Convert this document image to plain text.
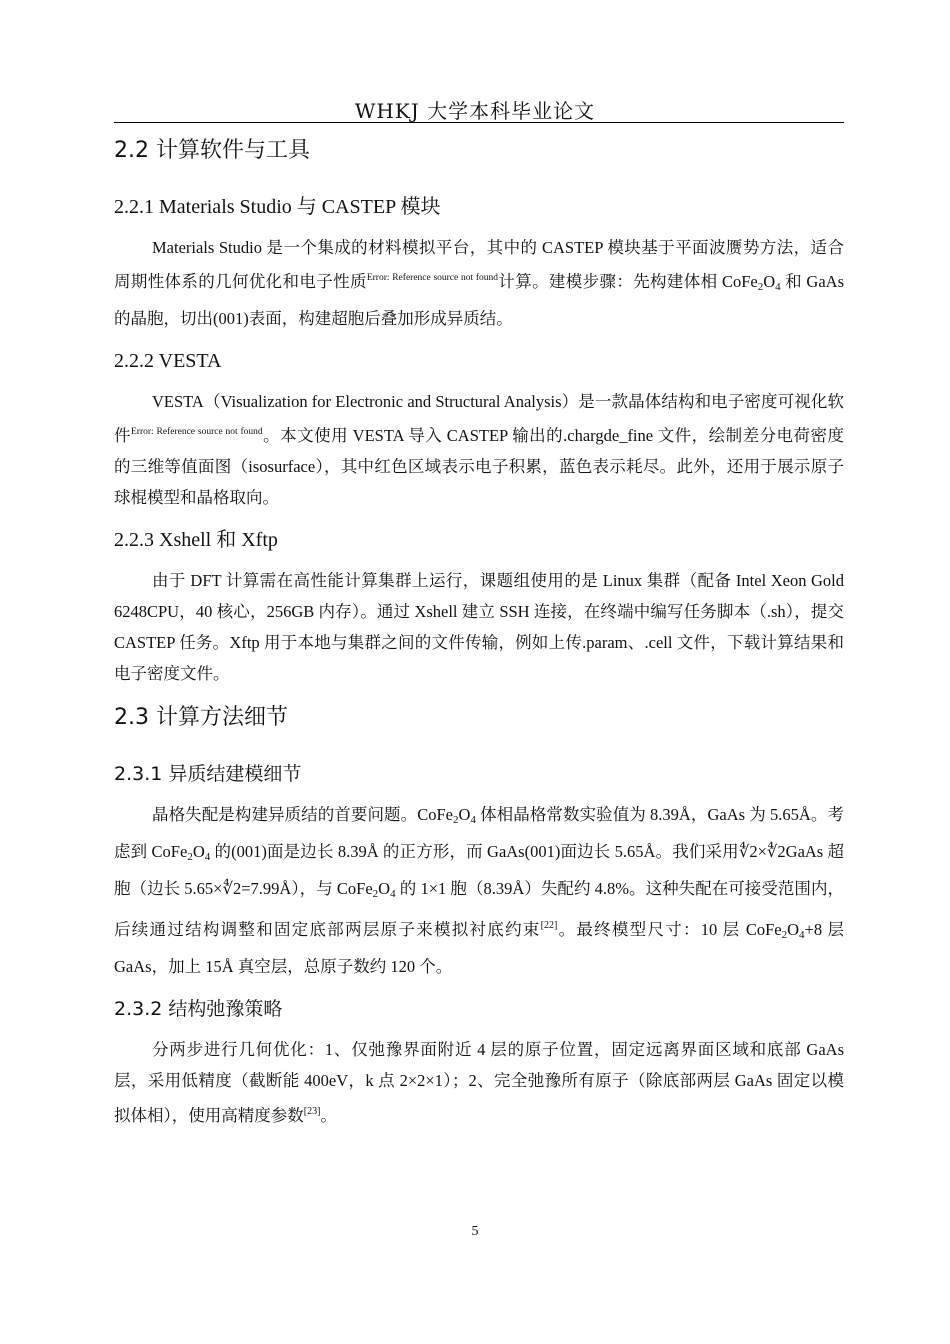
WHKJ 大学本科毕业论文
2.2 计算软件与工具
2.2.1 Materials Studio 与 CASTEP 模块

Materials Studio 是一个集成的材料模拟平台，其中的 CASTEP 模块基于平面波赝势方法，适合周期性体系的几何优化和电子性质$^{Error: Reference source not found}$计算。建模步骤：先构建体相 $CoFe_2O_4$ 和 GaAs 的晶胞，切出(001)表面，构建超胞后叠加形成异质结。

2.2.2 VESTA

VESTA（Visualization for Electronic and Structural Analysis）是一款晶体结构和电子密度可视化软件$^{Error: Reference source not found}$。本文使用 VESTA 导入 CASTEP 输出的.chargde_fine 文件，绘制差分电荷密度的三维等值面图（isosurface），其中红色区域表示电子积累，蓝色表示耗尽。此外，还用于展示原子球棍模型和晶格取向。

2.2.3 Xshell 和 Xftp

由于 DFT 计算需在高性能计算集群上运行，课题组使用的是 Linux 集群（配备 Intel Xeon Gold 6248CPU，40 核心，256GB 内存）。通过 Xshell 建立 SSH 连接，在终端中编写任务脚本（.sh），提交 CASTEP 任务。Xftp 用于本地与集群之间的文件传输，例如上传.param、.cell 文件，下载计算结果和电子密度文件。

2.3 计算方法细节
2.3.1 异质结建模细节

晶格失配是构建异质结的首要问题。$CoFe_2O_4$ 体相晶格常数实验值为 8.39Å，GaAs 为 5.65Å。考虑到 $CoFe_2O_4$ 的(001)面是边长 8.39Å 的正方形，而 GaAs(001)面边长 5.65Å。我们采用∜2×∜2GaAs 超胞（边长 5.65×∜2=7.99Å），与 $CoFe_2O_4$ 的 1×1 胞（8.39Å）失配约 4.8%。这种失配在可接受范围内，后续通过结构调整和固定底部两层原子来模拟衬底约束[22]。最终模型尺寸：10 层 $CoFe_2O_4+8$ 层 GaAs，加上 15Å 真空层，总原子数约 120 个。

2.3.2 结构弛豫策略

分两步进行几何优化：1、仅弛豫界面附近 4 层的原子位置，固定远离界面区域和底部 GaAs 层，采用低精度（截断能 400eV，k 点 2×2×1）；2、完全弛豫所有原子（除底部两层 GaAs 固定以模拟体相），使用高精度参数[23]。

5
